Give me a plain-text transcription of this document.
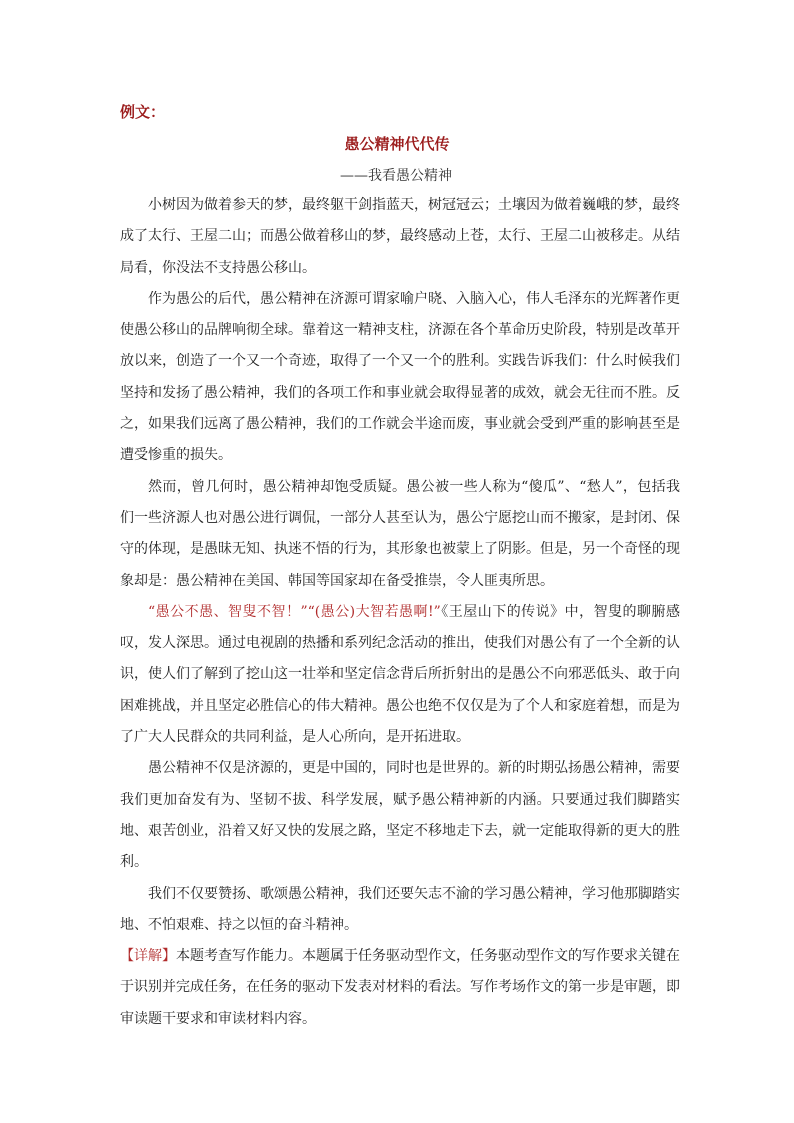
例文：
愚公精神代代传
——我看愚公精神

小树因为做着参天的梦，最终躯干剑指蓝天，树冠冠云；土壤因为做着巍峨的梦，最终成了太行、王屋二山；而愚公做着移山的梦，最终感动上苍，太行、王屋二山被移走。从结局看，你没法不支持愚公移山。

作为愚公的后代，愚公精神在济源可谓家喻户晓、入脑入心，伟人毛泽东的光辉著作更使愚公移山的品牌响彻全球。靠着这一精神支柱，济源在各个革命历史阶段，特别是改革开放以来，创造了一个又一个奇迹，取得了一个又一个的胜利。实践告诉我们：什么时候我们坚持和发扬了愚公精神，我们的各项工作和事业就会取得显著的成效，就会无往而不胜。反之，如果我们远离了愚公精神，我们的工作就会半途而废，事业就会受到严重的影响甚至是遭受惨重的损失。

然而，曾几何时，愚公精神却饱受质疑。愚公被一些人称为“傻瓜”、“愁人”，包括我们一些济源人也对愚公进行调侃，一部分人甚至认为，愚公宁愿挖山而不搬家，是封闭、保守的体现，是愚昧无知、执迷不悟的行为，其形象也被蒙上了阴影。但是，另一个奇怪的现象却是：愚公精神在美国、韩国等国家却在备受推崇，令人匪夷所思。

“愚公不愚、智叟不智！”“(愚公)大智若愚啊!”《王屋山下的传说》中，智叟的聊腑感叹，发人深思。通过电视剧的热播和系列纪念活动的推出，使我们对愚公有了一个全新的认识，使人们了解到了挖山这一壮举和坚定信念背后所折射出的是愚公不向邪恶低头、敢于向困难挑战，并且坚定必胜信心的伟大精神。愚公也绝不仅仅是为了个人和家庭着想，而是为了广大人民群众的共同利益，是人心所向，是开拓进取。

愚公精神不仅是济源的，更是中国的，同时也是世界的。新的时期弘扬愚公精神，需要我们更加奋发有为、坚韧不拔、科学发展，赋予愚公精神新的内涵。只要通过我们脚踏实地、艰苦创业，沿着又好又快的发展之路，坚定不移地走下去，就一定能取得新的更大的胜利。

我们不仅要赞扬、歌颂愚公精神，我们还要矢志不渝的学习愚公精神，学习他那脚踏实地、不怕艰难、持之以恒的奋斗精神。

【详解】本题考查写作能力。本题属于任务驱动型作文，任务驱动型作文的写作要求关键在于识别并完成任务，在任务的驱动下发表对材料的看法。写作考场作文的第一步是审题，即审读题干要求和审读材料内容。
